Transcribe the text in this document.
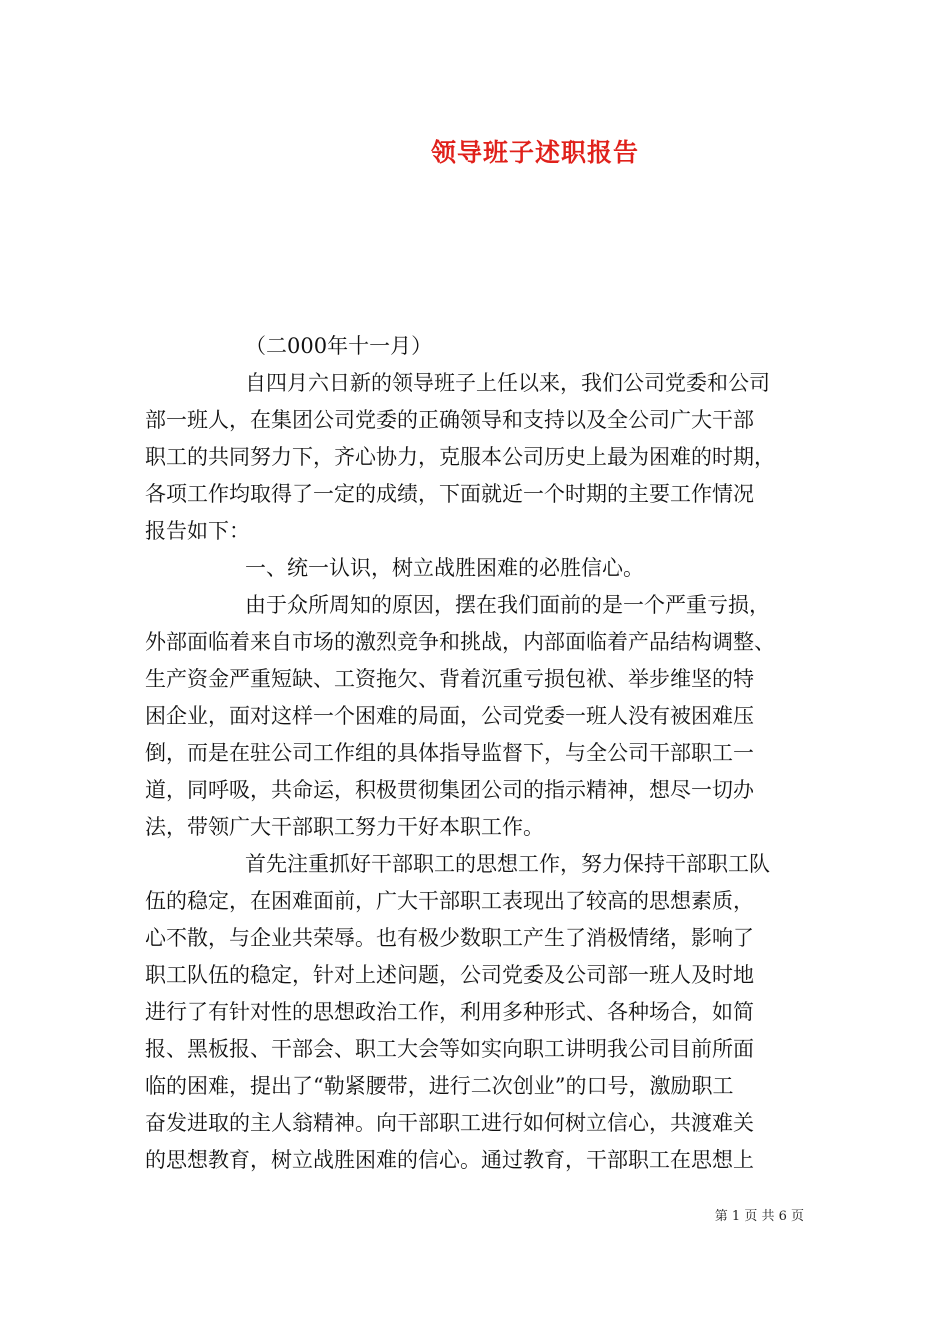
领导班子述职报告
（二000年十一月）
自四月六日新的领导班子上任以来，我们公司党委和公司
部一班人，在集团公司党委的正确领导和支持以及全公司广大干部
职工的共同努力下，齐心协力，克服本公司历史上最为困难的时期，
各项工作均取得了一定的成绩，下面就近一个时期的主要工作情况
报告如下：
一、统一认识，树立战胜困难的必胜信心。
由于众所周知的原因，摆在我们面前的是一个严重亏损，
外部面临着来自市场的激烈竞争和挑战，内部面临着产品结构调整、
生产资金严重短缺、工资拖欠、背着沉重亏损包袱、举步维坚的特
困企业，面对这样一个困难的局面，公司党委一班人没有被困难压
倒，而是在驻公司工作组的具体指导监督下，与全公司干部职工一
道，同呼吸，共命运，积极贯彻集团公司的指示精神，想尽一切办
法，带领广大干部职工努力干好本职工作。
首先注重抓好干部职工的思想工作，努力保持干部职工队
伍的稳定，在困难面前，广大干部职工表现出了较高的思想素质，
心不散，与企业共荣辱。也有极少数职工产生了消极情绪，影响了
职工队伍的稳定，针对上述问题，公司党委及公司部一班人及时地
进行了有针对性的思想政治工作，利用多种形式、各种场合，如简
报、黑板报、干部会、职工大会等如实向职工讲明我公司目前所面
临的困难，提出了“勒紧腰带，进行二次创业”的口号，激励职工
奋发进取的主人翁精神。向干部职工进行如何树立信心，共渡难关
的思想教育，树立战胜困难的信心。通过教育，干部职工在思想上
第 1 页 共 6 页
